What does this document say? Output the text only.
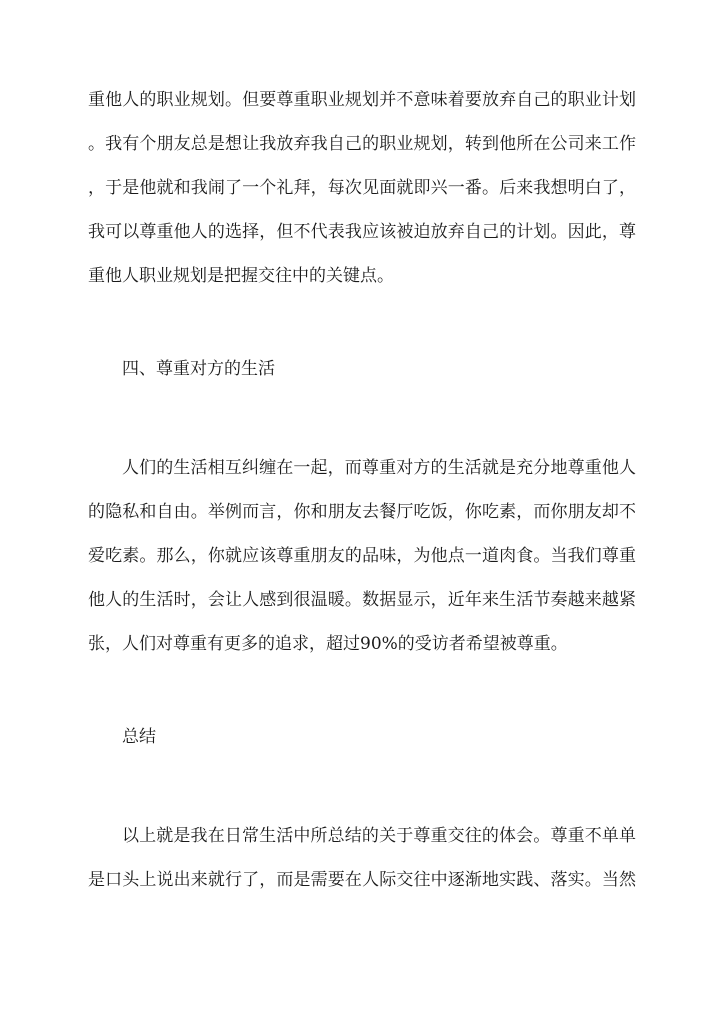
重他人的职业规划。但要尊重职业规划并不意味着要放弃自己的职业计划
。我有个朋友总是想让我放弃我自己的职业规划，转到他所在公司来工作
，于是他就和我闹了一个礼拜，每次见面就即兴一番。后来我想明白了，
我可以尊重他人的选择，但不代表我应该被迫放弃自己的计划。因此，尊
重他人职业规划是把握交往中的关键点。
四、尊重对方的生活
人们的生活相互纠缠在一起，而尊重对方的生活就是充分地尊重他人
的隐私和自由。举例而言，你和朋友去餐厅吃饭，你吃素，而你朋友却不
爱吃素。那么，你就应该尊重朋友的品味，为他点一道肉食。当我们尊重
他人的生活时，会让人感到很温暖。数据显示，近年来生活节奏越来越紧
张，人们对尊重有更多的追求，超过90%的受访者希望被尊重。
总结
以上就是我在日常生活中所总结的关于尊重交往的体会。尊重不单单
是口头上说出来就行了，而是需要在人际交往中逐渐地实践、落实。当然
